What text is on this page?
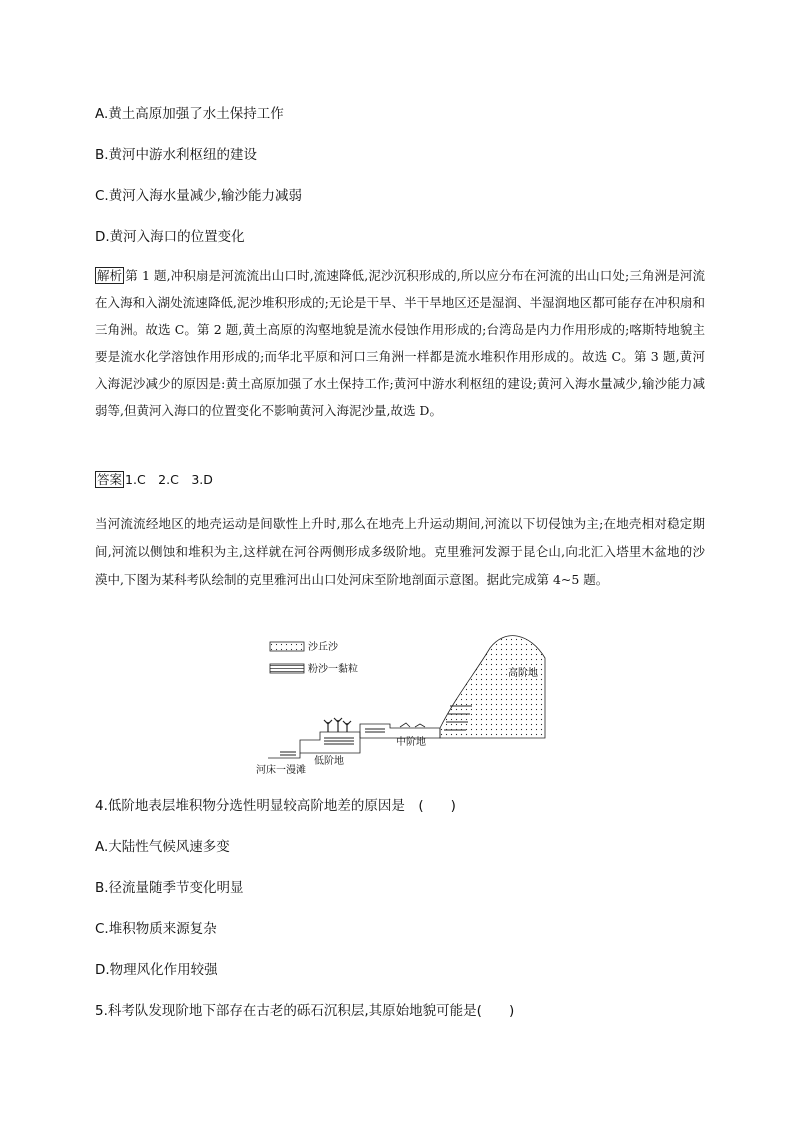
A.黄土高原加强了水土保持工作
B.黄河中游水利枢纽的建设
C.黄河入海水量减少,输沙能力减弱
D.黄河入海口的位置变化
解析 第 1 题,冲积扇是河流流出山口时,流速降低,泥沙沉积形成的,所以应分布在河流的出山口处;三角洲是河流在入海和入湖处流速降低,泥沙堆积形成的;无论是干旱、半干旱地区还是湿润、半湿润地区都可能存在冲积扇和三角洲。故选 C。第 2 题,黄土高原的沟壑地貌是流水侵蚀作用形成的;台湾岛是内力作用形成的;喀斯特地貌主要是流水化学溶蚀作用形成的;而华北平原和河口三角洲一样都是流水堆积作用形成的。故选 C。第 3 题,黄河入海泥沙减少的原因是:黄土高原加强了水土保持工作;黄河中游水利枢纽的建设;黄河入海水量减少,输沙能力减弱等,但黄河入海口的位置变化不影响黄河入海泥沙量,故选 D。
答案 1.C　2.C　3.D
当河流流经地区的地壳运动是间歇性上升时,那么在地壳上升运动期间,河流以下切侵蚀为主;在地壳相对稳定期间,河流以侧蚀和堆积为主,这样就在河谷两侧形成多级阶地。克里雅河发源于昆仑山,向北汇入塔里木盆地的沙漠中,下图为某科考队绘制的克里雅河出山口处河床至阶地剖面示意图。据此完成第 4~5 题。
沙丘沙
粉沙一黏粒	高阶地
中阶地
低阶地
河床一漫滩
4.低阶地表层堆积物分选性明显较高阶地差的原因是　(　　)
A.大陆性气候风速多变
B.径流量随季节变化明显
C.堆积物质来源复杂
D.物理风化作用较强
5.科考队发现阶地下部存在古老的砾石沉积层,其原始地貌可能是(　　)
